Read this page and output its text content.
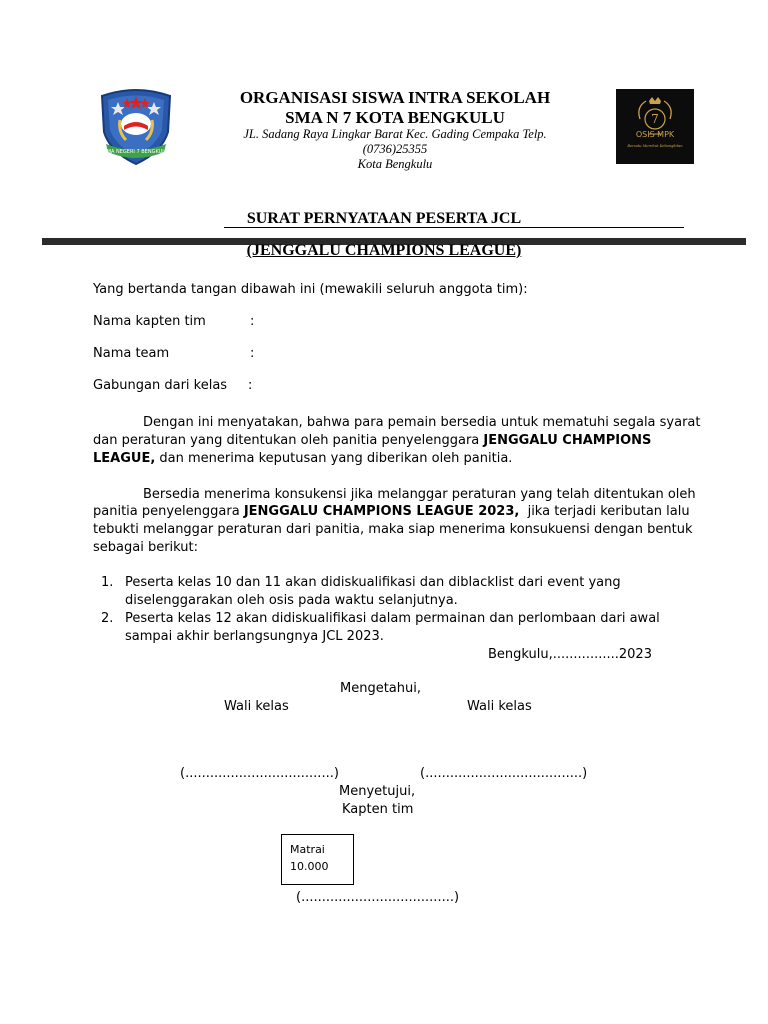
SMA NEGERI 7 BENGKULU
7
OSIS MPK
Bersatu Merebut Kebangkitan
ORGANISASI SISWA INTRA SEKOLAH
SMA N 7 KOTA BENGKULU
JL. Sadang Raya Lingkar Barat Kec. Gading Cempaka Telp.
(0736)25355
Kota Bengkulu
SURAT PERNYATAAN PESERTA JCL
(JENGGALU CHAMPIONS LEAGUE)
Yang bertanda tangan dibawah ini (mewakili seluruh anggota tim):
Nama kapten tim	:
Nama team	:
Gabungan dari kelas :
Dengan ini menyatakan, bahwa para pemain bersedia untuk mematuhi segala syarat
dan peraturan yang ditentukan oleh panitia penyelenggara JENGGALU CHAMPIONS
LEAGUE, dan menerima keputusan yang diberikan oleh panitia.
Bersedia menerima konsukensi jika melanggar peraturan yang telah ditentukan oleh
panitia penyelenggara JENGGALU CHAMPIONS LEAGUE 2023,  jika terjadi keributan lalu
tebukti melanggar peraturan dari panitia, maka siap menerima konsukuensi dengan bentuk
sebagai berikut:
1. Peserta kelas 10 dan 11 akan didiskualifikasi dan diblacklist dari event yang
diselenggarakan oleh osis pada waktu selanjutnya.
2. Peserta kelas 12 akan didiskualifikasi dalam permainan dan perlombaan dari awal
sampai akhir berlangsungnya JCL 2023.
Bengkulu,................2023
Mengetahui,
Wali kelas	Wali kelas
(....................................)	(......................................)
Menyetujui,
Kapten tim
Matrai
10.000
(.....................................)
